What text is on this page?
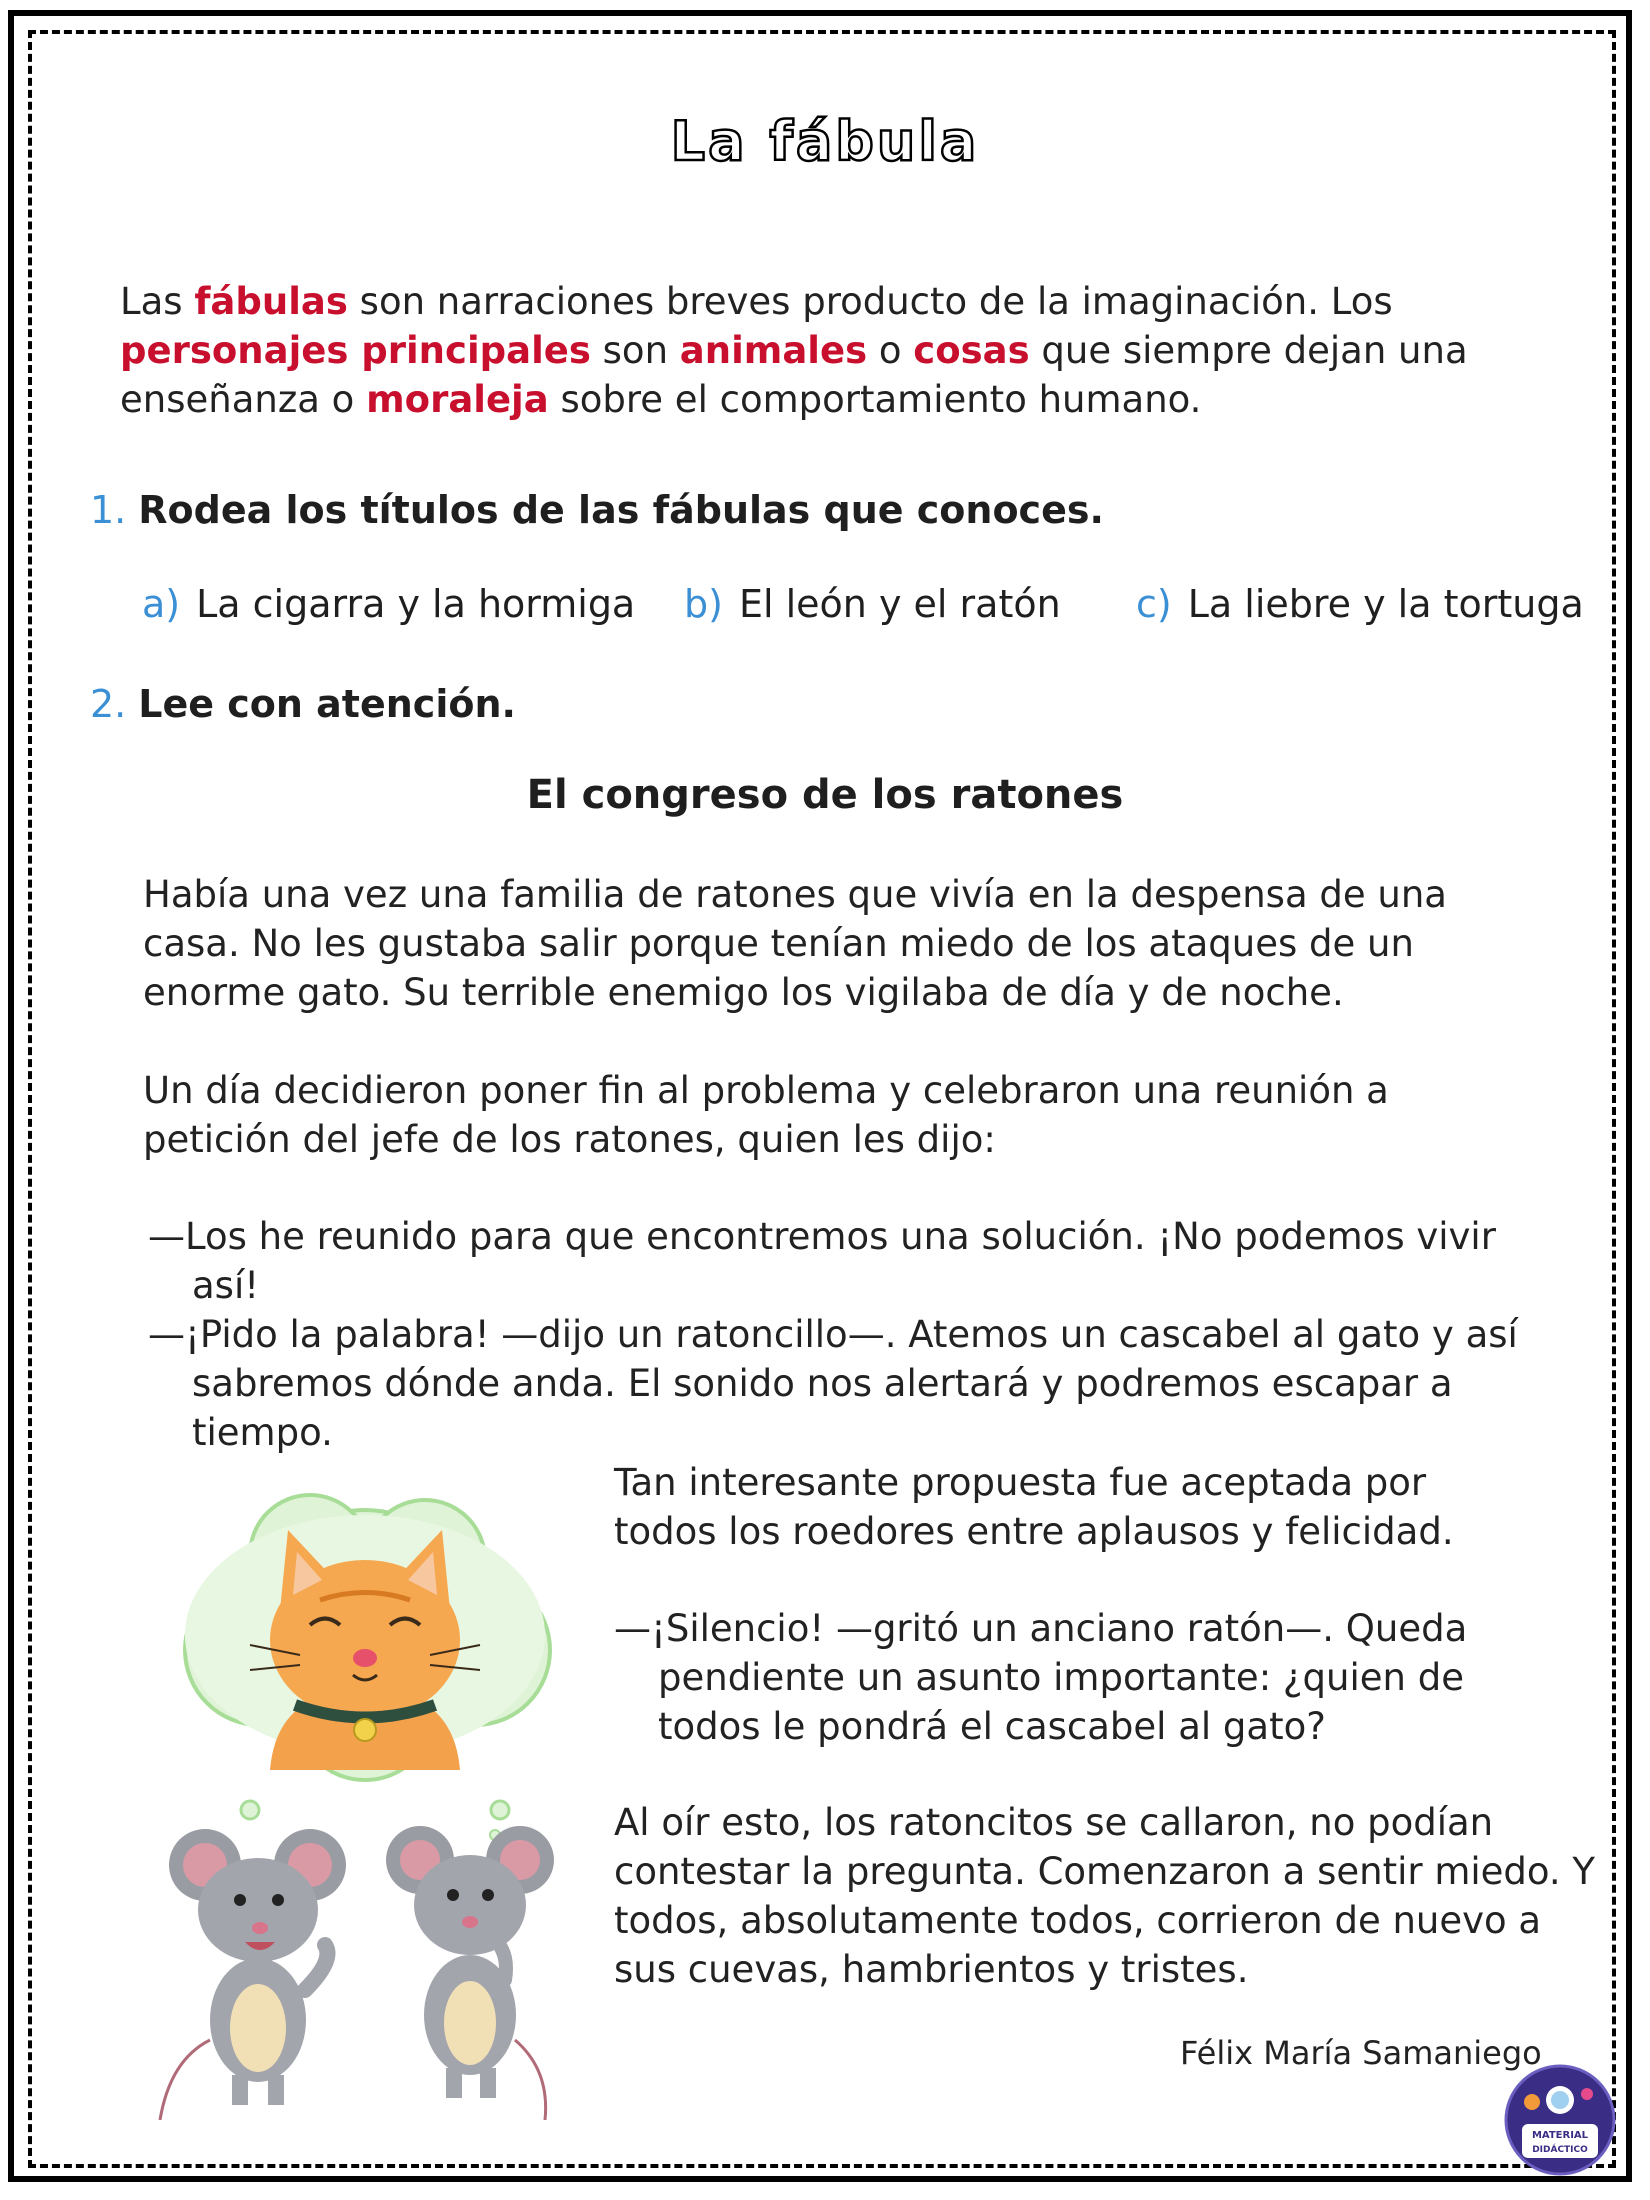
La fábula

Las fábulas son narraciones breves producto de la imaginación. Los personajes principales son animales o cosas que siempre dejan una enseñanza o moraleja sobre el comportamiento humano.

1. Rodea los títulos de las fábulas que conoces.
a) La cigarra y la hormiga b) El león y el ratón c) La liebre y la tortuga
2. Lee con atención.
El congreso de los ratones

Había una vez una familia de ratones que vivía en la despensa de una casa. No les gustaba salir porque tenían miedo de los ataques de un enorme gato. Su terrible enemigo los vigilaba de día y de noche.

Un día decidieron poner fin al problema y celebraron una reunión a petición del jefe de los ratones, quien les dijo:

—Los he reunido para que encontremos una solución. ¡No podemos vivir así!

—¡Pido la palabra! —dijo un ratoncillo—. Atemos un cascabel al gato y así sabremos dónde anda. El sonido nos alertará y podremos escapar a tiempo.

Tan interesante propuesta fue aceptada por todos los roedores entre aplausos y felicidad.

—¡Silencio! —gritó un anciano ratón—. Queda pendiente un asunto importante: ¿quien de todos le pondrá el cascabel al gato?

Al oír esto, los ratoncitos se callaron, no podían contestar la pregunta. Comenzaron a sentir miedo. Y todos, absolutamente todos, corrieron de nuevo a sus cuevas, hambrientos y tristes.

Félix María Samaniego
MATERIAL
DIDÁCTICO
